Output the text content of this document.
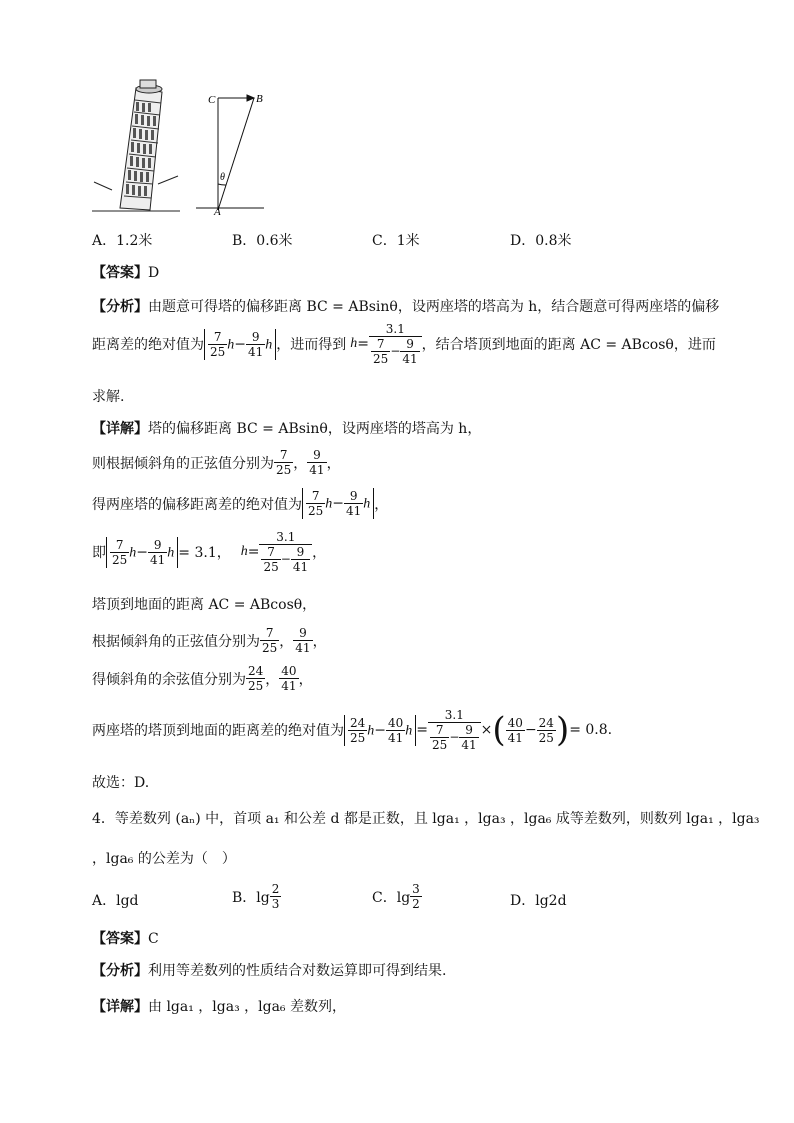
C	B
A
θ
A．1.2米	B．0.6米	C．1米	D．0.8米
【答案】D
【分析】由题意可得塔的偏移距离 BC = ABsinθ，设两座塔的塔高为 h，结合题意可得两座塔的偏移
距离差的绝对值为 $\frac{7}{25} h- \frac{9}{41}$ h ，进而得到 $h = \frac{3.1}{\frac{7}{25} - \frac{9}{41}}$ ，结合塔顶到地面的距离 AC = ABcosθ，进而
求解.
【详解】塔的偏移距离 BC = ABsinθ，设两座塔的塔高为 h，
则根据倾斜角的正弦值分别为 $\frac{7}{25}$ ， $\frac{9}{41}$ ，
得两座塔的偏移距离差的绝对值为 $\frac{7}{25} h- \frac{9}{41}$ h ，
即 $\frac{7}{25} h- \frac{9}{41}$ h = 3.1， $h = \frac{3.1}{\frac{7}{25} - \frac{9}{41}}$ ，
塔顶到地面的距离 AC = ABcosθ，
根据倾斜角的正弦值分别为 $\frac{7}{25}$ ， $\frac{9}{41}$ ，
得倾斜角的余弦值分别为 $\frac{24}{25}$ ， $\frac{40}{41}$ ，
两座塔的塔顶到地面的距离差的绝对值为 $\frac{24}{25} h- \frac{40}{41}$ $h = \frac{3.1}{\frac{7}{25} - \frac{9}{41}}$ × ( $\frac{40}{41} - \frac{24}{25}$ ) = 0.8 .
故选：D.
4．等差数列 (aₙ) 中，首项 a₁ 和公差 d 都是正数，且 lga₁ ，lga₃ ，lga₆ 成等差数列，则数列 lga₁ ，lga₃
，lga₆ 的公差为（　）
A．lgd	B．$\lg \frac{2}{3}$	C．$\lg \frac{3}{2}$	D．lg2d
【答案】C
【分析】利用等差数列的性质结合对数运算即可得到结果.
【详解】由 lga₁ ，lga₃ ，lga₆ 差数列，
